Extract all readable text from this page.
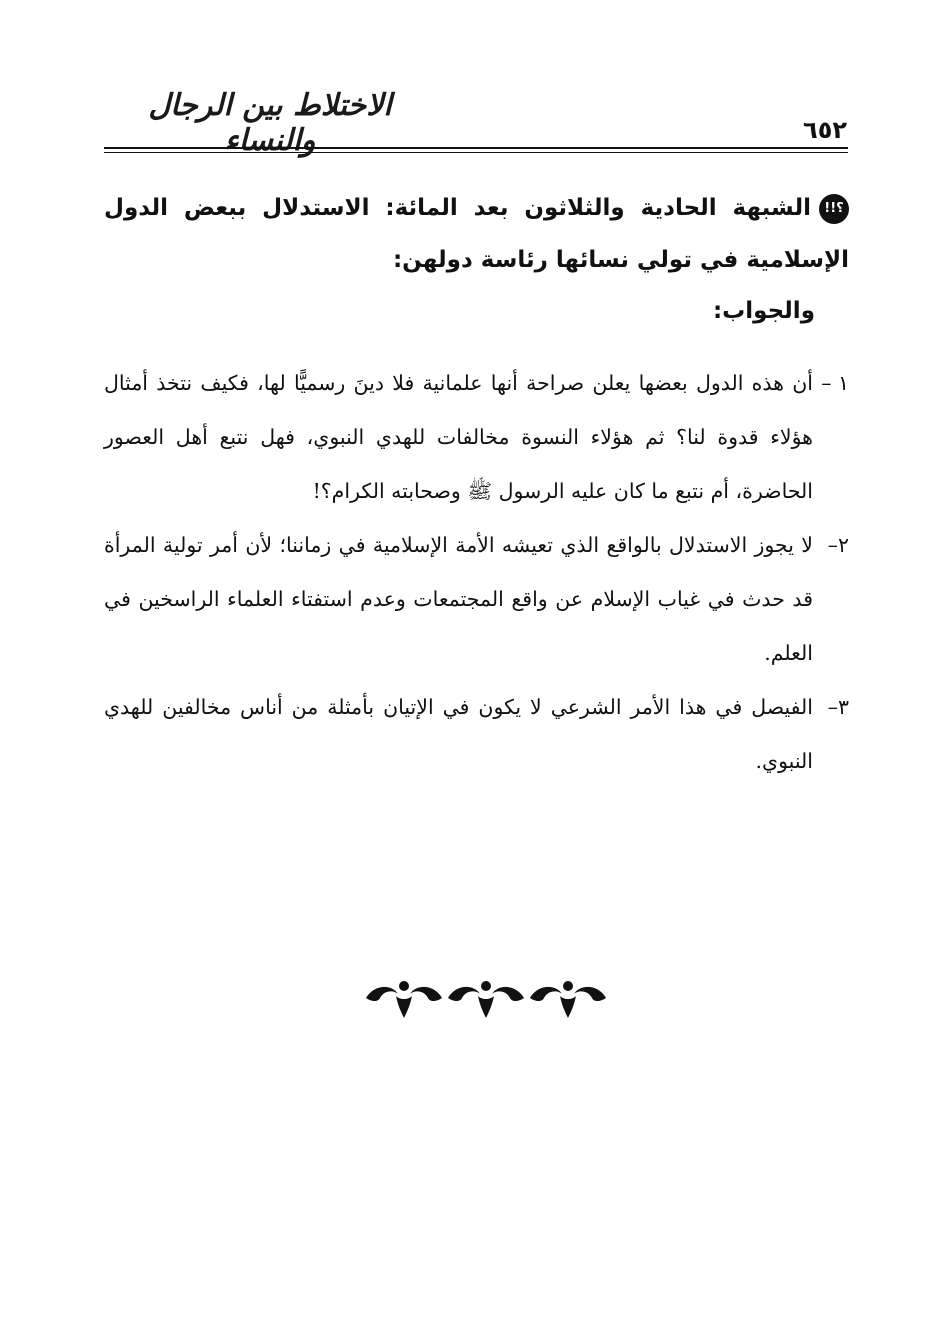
الاختلاط بين الرجال والنساء	٦٥٢
؟!!الشبهة الحادية والثلاثون بعد المائة: الاستدلال ببعض الدول الإسلامية في تولي نسائها رئاسة دولهن:
والجواب:
١ –
أن هذه الدول بعضها يعلن صراحة أنها علمانية فلا دينَ رسميًّا لها، فكيف نتخذ أمثال هؤلاء قدوة لنا؟ ثم هؤلاء النسوة مخالفات للهدي النبوي، فهل نتبع أهل العصور الحاضرة، أم نتبع ما كان عليه الرسول ﷺ وصحابته الكرام؟!
٢–
لا يجوز الاستدلال بالواقع الذي تعيشه الأمة الإسلامية في زماننا؛ لأن أمر تولية المرأة قد حدث في غياب الإسلام عن واقع المجتمعات وعدم استفتاء العلماء الراسخين في العلم.
٣–
الفيصل في هذا الأمر الشرعي لا يكون في الإتيان بأمثلة من أناس مخالفين للهدي النبوي.
